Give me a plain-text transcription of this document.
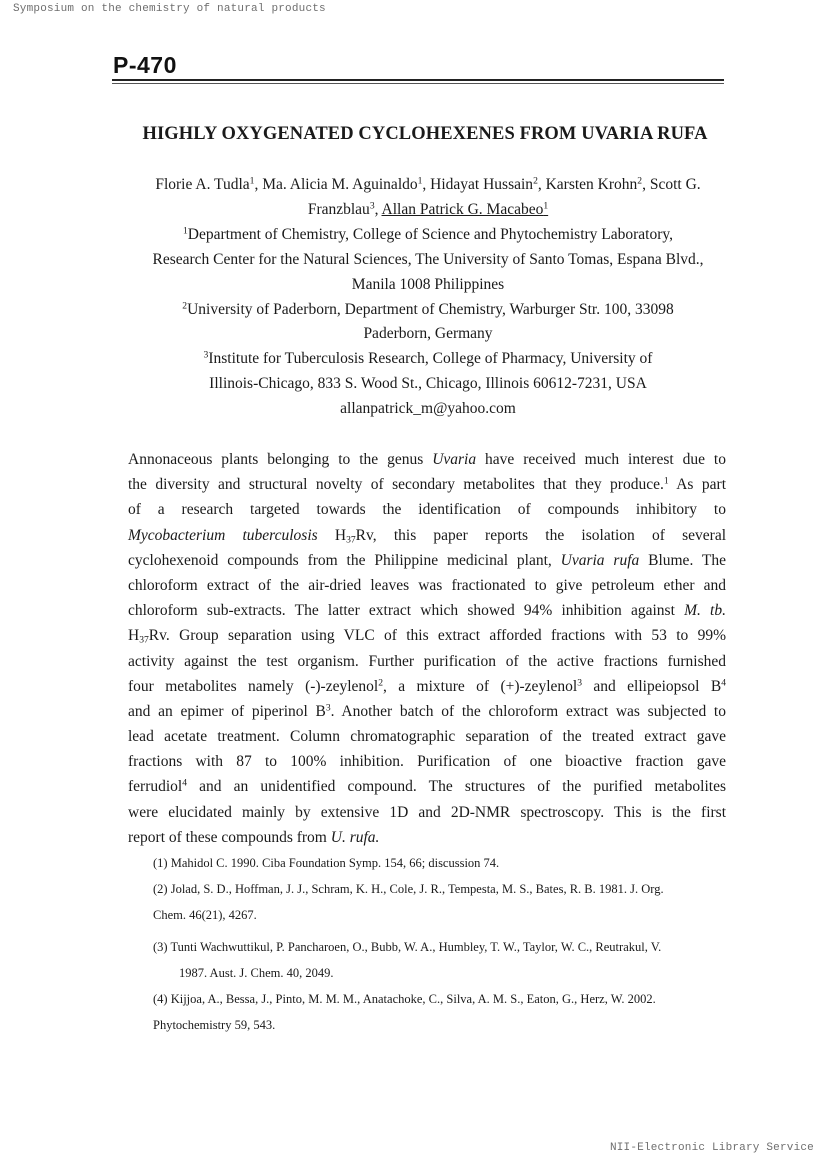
Symposium on the chemistry of natural products
P-470
HIGHLY OXYGENATED CYCLOHEXENES FROM UVARIA RUFA
Florie A. Tudla$^1$, Ma. Alicia M. Aguinaldo$^1$, Hidayat Hussain$^2$, Karsten Krohn$^2$, Scott G.
Franzblau$^3$, Allan Patrick G. Macabeo$^1$
$^1$Department of Chemistry, College of Science and Phytochemistry Laboratory,
Research Center for the Natural Sciences, The University of Santo Tomas, Espana Blvd.,
Manila 1008 Philippines
$^2$University of Paderborn, Department of Chemistry, Warburger Str. 100, 33098
Paderborn, Germany
$^3$Institute for Tuberculosis Research, College of Pharmacy, University of
Illinois-Chicago, 833 S. Wood St., Chicago, Illinois 60612-7231, USA
allanpatrick_m@yahoo.com
Annonaceous plants belonging to the genus Uvaria have received much interest due to
the diversity and structural novelty of secondary metabolites that they produce.$^1$ As part
of a research targeted towards the identification of compounds inhibitory to
Mycobacterium tuberculosis $H_{37}Rv$, this paper reports the isolation of several
cyclohexenoid compounds from the Philippine medicinal plant, Uvaria rufa Blume. The
chloroform extract of the air-dried leaves was fractionated to give petroleum ether and
chloroform sub-extracts. The latter extract which showed 94% inhibition against M. tb.
$H_{37}Rv$. Group separation using VLC of this extract afforded fractions with 53 to 99%
activity against the test organism. Further purification of the active fractions furnished
four metabolites namely (-)-zeylenol$^2$, a mixture of (+)-zeylenol$^3$ and ellipeiopsol $B^4$
and an epimer of piperinol $B^3$. Another batch of the chloroform extract was subjected to
lead acetate treatment. Column chromatographic separation of the treated extract gave
fractions with 87 to 100% inhibition. Purification of one bioactive fraction gave
ferrudiol$^4$ and an unidentified compound. The structures of the purified metabolites
were elucidated mainly by extensive 1D and 2D-NMR spectroscopy. This is the first
report of these compounds from U. rufa.
(1) Mahidol C. 1990. Ciba Foundation Symp. 154, 66; discussion 74.
(2) Jolad, S. D., Hoffman, J. J., Schram, K. H., Cole, J. R., Tempesta, M. S., Bates, R. B. 1981. J. Org.
Chem. 46(21), 4267.
(3) Tunti Wachwuttikul, P. Pancharoen, O., Bubb, W. A., Humbley, T. W., Taylor, W. C., Reutrakul, V.
1987. Aust. J. Chem. 40, 2049.
(4) Kijjoa, A., Bessa, J., Pinto, M. M. M., Anatachoke, C., Silva, A. M. S., Eaton, G., Herz, W. 2002.
Phytochemistry 59, 543.
NII-Electronic Library Service
